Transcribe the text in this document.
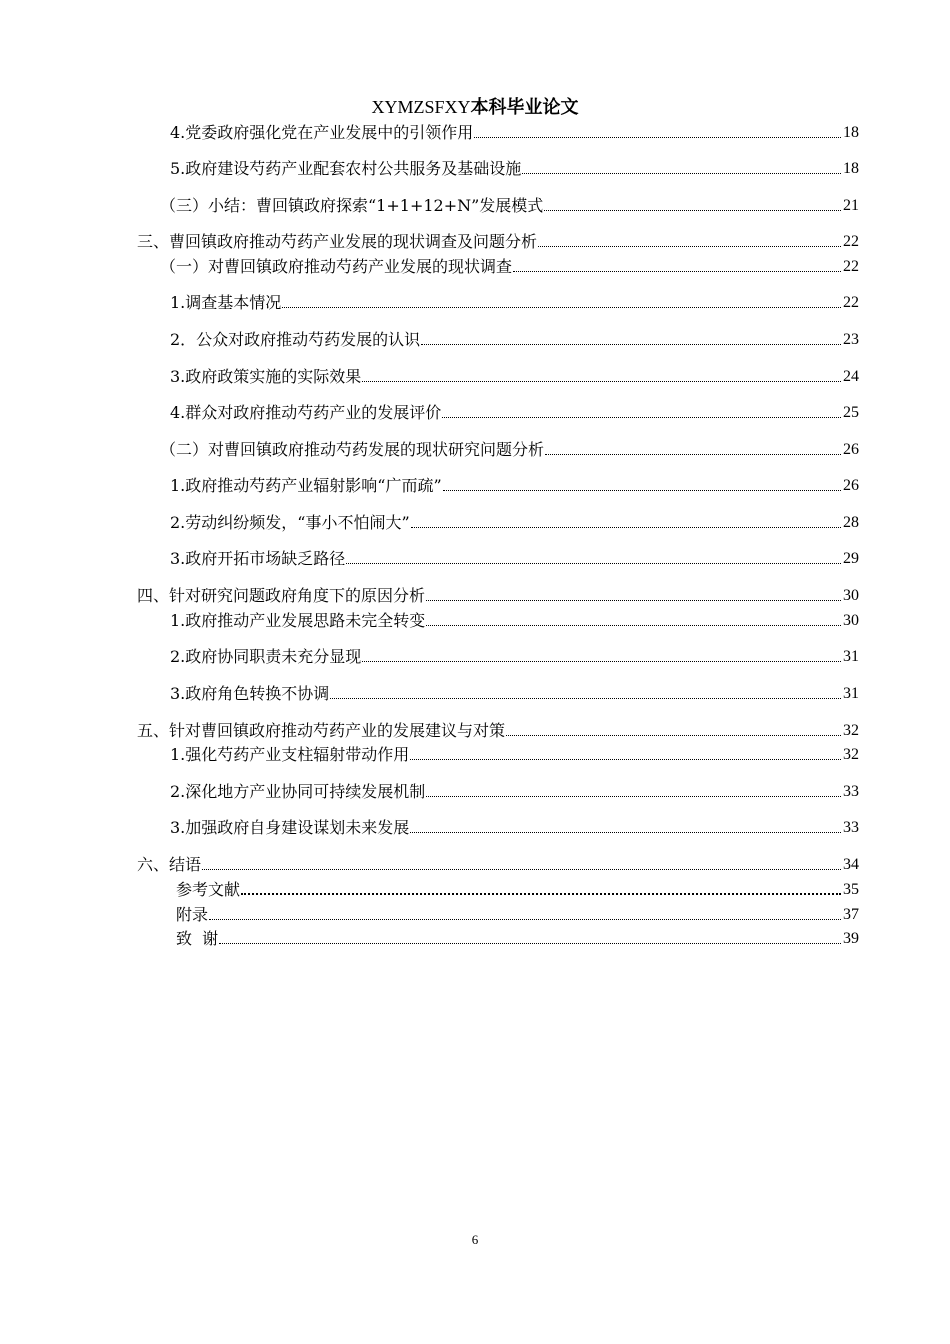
XYMZSFXY本科毕业论文
4.党委政府强化党在产业发展中的引领作用	18
5.政府建设芍药产业配套农村公共服务及基础设施	18
（三）小结：曹回镇政府探索“1+1+12+N”发展模式	21
三、曹回镇政府推动芍药产业发展的现状调查及问题分析	22
（一）对曹回镇政府推动芍药产业发展的现状调查	22
1.调查基本情况	22
2．公众对政府推动芍药发展的认识	23
3.政府政策实施的实际效果	24
4.群众对政府推动芍药产业的发展评价	25
（二）对曹回镇政府推动芍药发展的现状研究问题分析	26
1.政府推动芍药产业辐射影响“广而疏”	26
2.劳动纠纷频发，“事小不怕闹大”	28
3.政府开拓市场缺乏路径	29
四、针对研究问题政府角度下的原因分析	30
1.政府推动产业发展思路未完全转变	30
2.政府协同职责未充分显现	31
3.政府角色转换不协调	31
五、针对曹回镇政府推动芍药产业的发展建议与对策	32
1.强化芍药产业支柱辐射带动作用	32
2.深化地方产业协同可持续发展机制	33
3.加强政府自身建设谋划未来发展	33
六、结语	34
参考文献	35
附录	37
致  谢	39
6
